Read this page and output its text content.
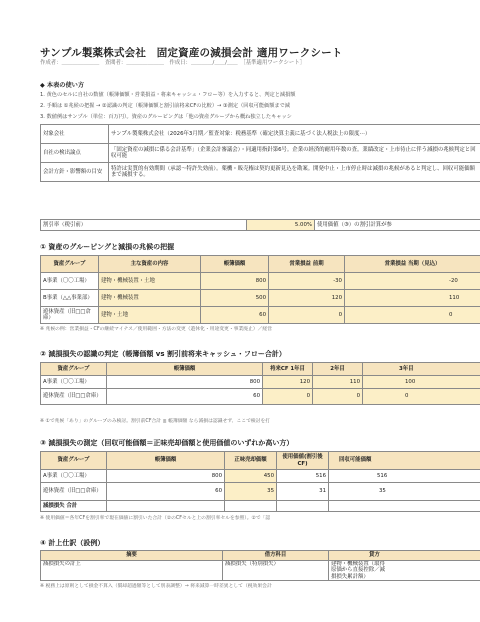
サンプル製薬株式会社　固定資産の減損会計 適用ワークシート
作成者：＿＿＿＿＿＿＿　査閲者：＿＿＿＿＿＿＿　作成日：＿＿＿＿/＿＿/＿＿　［基準適用ワークシート］
◆ 本表の使い方
1. 黄色のセルに自社の数値（帳簿価額・営業損益・将来キャッシュ・フロー等）を入力すると、判定と減損額
2. 手順は ①兆候の把握 → ②認識の判定（帳簿価額と割引前将来CFの比較）→ ③測定（回収可能価額まで減
3. 数値例はサンプル（単位：百万円）。資産のグルーピングは「他の資産グループから概ね独立したキャッシ
対象会社	サンプル製薬株式会社（2026年3月期／監査対象：税務基準（確定決算主義に基づく法人税法上の限度⋯）
自社の検出論点	「固定資産の減損に係る会計基準」（企業会計審議会）・同適用指針第6号。企業の経済的耐用年数の査。業績改定・上市待止に伴う減損の兆候判定と回収可能
会計方針・影響額の目安	特許は実質的有効期間（承認〜特許失効前）。薬機・販売権は契約更新見込を勘案。開発中止・上市停止時は減損の兆候があると判定し、回収可能価額まで減損する。
割引率（税引前）	5.00%	使用価値（③）の割引計算が参
① 資産のグルーピングと減損の兆候の把握
資産グループ	主な資産の内容	帳簿価額	営業損益 前期	営業損益 当期（見込）
A事業（〇〇工場）	建物・機械装置・土地	800	-30	-20
B事業（△△事業部）	建物・機械装置	500	120	110
遊休資産（旧□□倉庫）	建物・土地	60	0	0
※ 兆候の例：営業損益・CFの継続マイナス／使用範囲・方法の変更（遊休化・用途変更・事業廃止）／経営
② 減損損失の認識の判定（帳簿価額 vs 割引前将来キャッシュ・フロー合計）
資産グループ	帳簿価額	将来CF 1年目	2年目	3年目
A事業（〇〇工場）	800	120	110	100
遊休資産（旧□□倉庫）	60	0	0	0
※ ①で兆候「あり」のグループのみ検討。割引前CF合計 ≧ 帳簿価額 なら減損は認識せず、ここで検討を打
③ 減損損失の測定（回収可能価額＝正味売却価額と使用価値のいずれか高い方）
資産グループ	帳簿価額	正味売却価額	使用価値(割引後CF)	回収可能価額
A事業（〇〇工場）	800	450	516	516
遊休資産（旧□□倉庫）	60	35	31	35
減損損失 合計				
※ 使用価値＝各年CFを割引率で現在価値に割引いた合計（②のCFセルと上の割引率セルを参照）。②で「認
④ 計上仕訳（設例）
摘要	借方科目	貸方
減損損失の計上	減損損失（特別損失）	建物・機械装置（取得原価から直接控除／減損損失累計額）
※ 税務上は原則として損金不算入（償却超過額等として別表調整）→ 将来減算一時差異として（税効果会計
